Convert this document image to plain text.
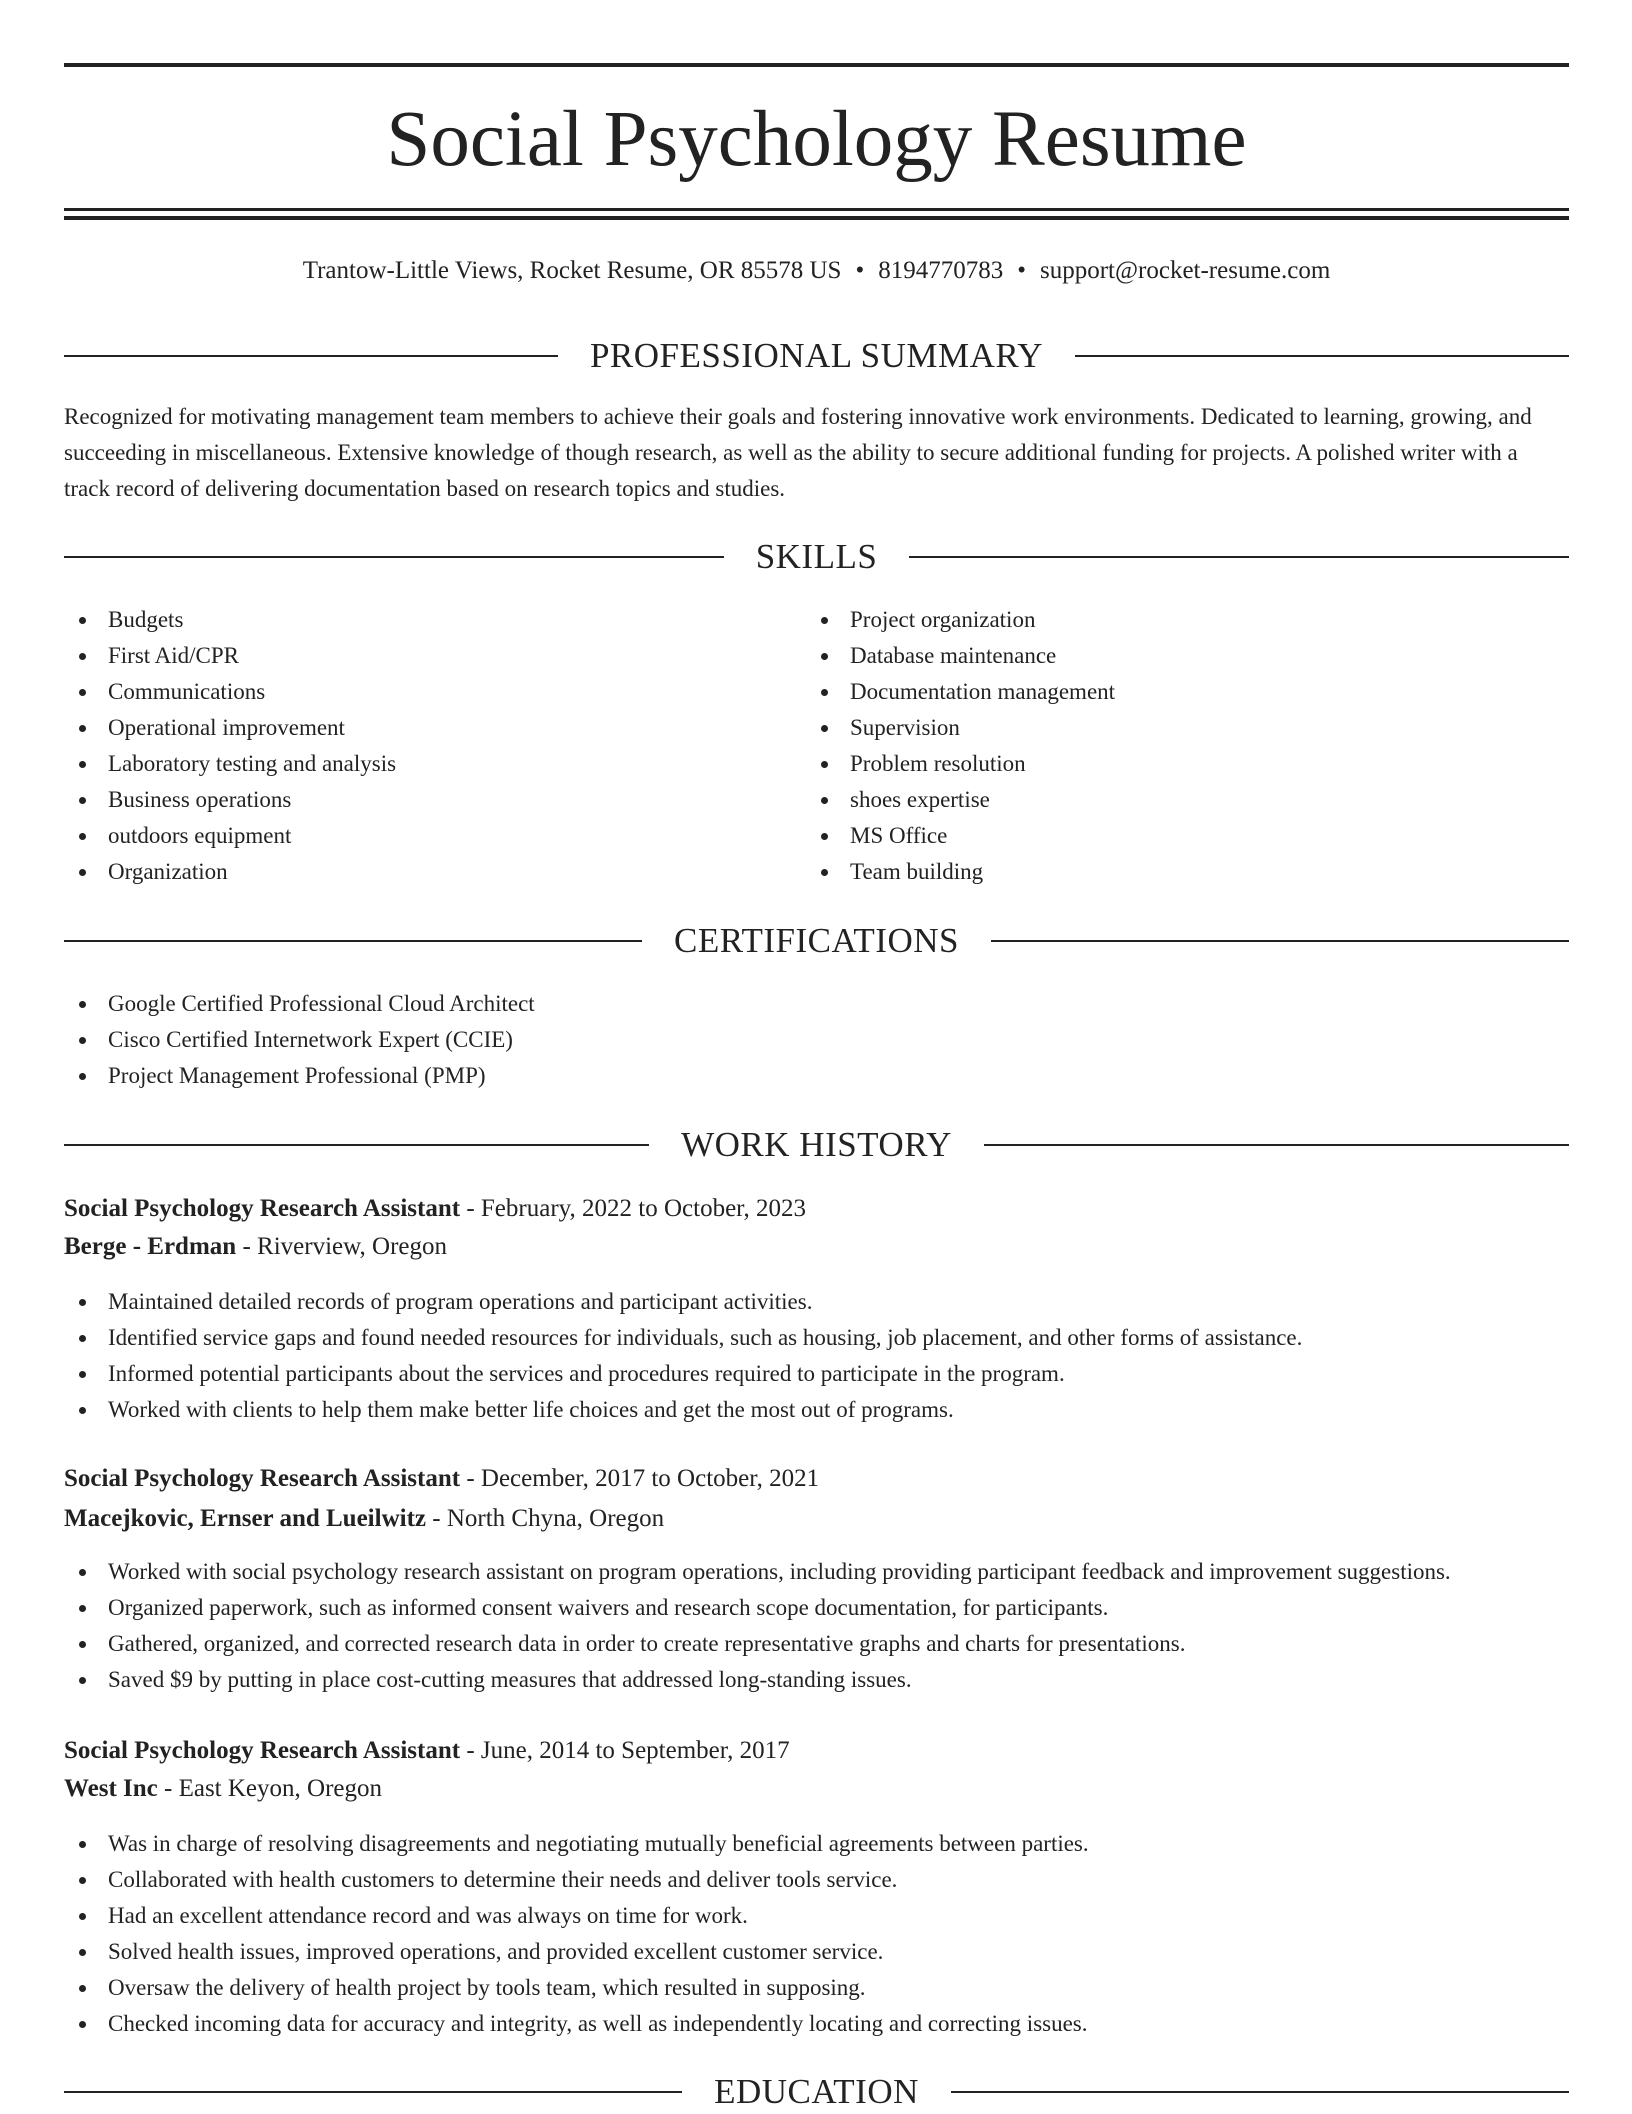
Social Psychology Resume
Trantow-Little Views, Rocket Resume, OR 85578 US • 8194770783 • support@rocket-resume.com
PROFESSIONAL SUMMARY

Recognized for motivating management team members to achieve their goals and fostering innovative work environments. Dedicated to learning, growing, and succeeding in miscellaneous. Extensive knowledge of though research, as well as the ability to secure additional funding for projects. A polished writer with a track record of delivering documentation based on research topics and studies.

SKILLS
Budgets
First Aid/CPR
Communications
Operational improvement
Laboratory testing and analysis
Business operations
outdoors equipment
Organization
Project organization
Database maintenance
Documentation management
Supervision
Problem resolution
shoes expertise
MS Office
Team building
CERTIFICATIONS
Google Certified Professional Cloud Architect
Cisco Certified Internetwork Expert (CCIE)
Project Management Professional (PMP)
WORK HISTORY
Social Psychology Research Assistant - February, 2022 to October, 2023
Berge - Erdman - Riverview, Oregon
Maintained detailed records of program operations and participant activities.
Identified service gaps and found needed resources for individuals, such as housing, job placement, and other forms of assistance.
Informed potential participants about the services and procedures required to participate in the program.
Worked with clients to help them make better life choices and get the most out of programs.
Social Psychology Research Assistant - December, 2017 to October, 2021
Macejkovic, Ernser and Lueilwitz - North Chyna, Oregon
Worked with social psychology research assistant on program operations, including providing participant feedback and improvement suggestions.
Organized paperwork, such as informed consent waivers and research scope documentation, for participants.
Gathered, organized, and corrected research data in order to create representative graphs and charts for presentations.
Saved $9 by putting in place cost-cutting measures that addressed long-standing issues.
Social Psychology Research Assistant - June, 2014 to September, 2017
West Inc - East Keyon, Oregon
Was in charge of resolving disagreements and negotiating mutually beneficial agreements between parties.
Collaborated with health customers to determine their needs and deliver tools service.
Had an excellent attendance record and was always on time for work.
Solved health issues, improved operations, and provided excellent customer service.
Oversaw the delivery of health project by tools team, which resulted in supposing.
Checked incoming data for accuracy and integrity, as well as independently locating and correcting issues.
EDUCATION
